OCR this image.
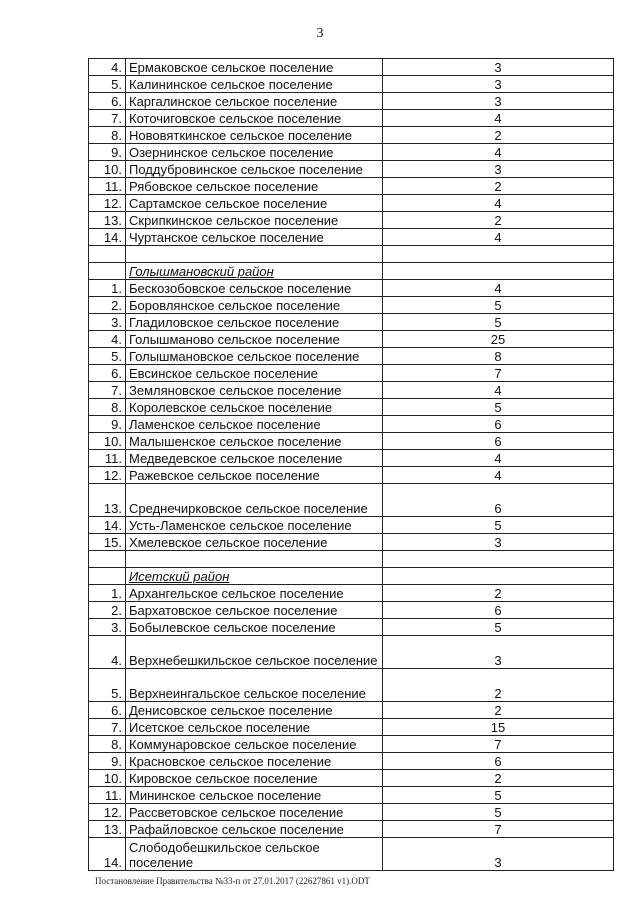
3
4.	Ермаковское сельское поселение	3
5.	Калининское сельское поселение	3
6.	Каргалинское сельское поселение	3
7.	Коточиговское сельское поселение	4
8.	Нововяткинское сельское поселение	2
9.	Озернинское сельское поселение	4
10.	Поддубровинское сельское поселение	3
11.	Рябовское сельское поселение	2
12.	Сартамское сельское поселение	4
13.	Скрипкинское сельское поселение	2
14.	Чуртанское сельское поселение	4

	Голышмановский район	
1.	Бескозобовское сельское поселение	4
2.	Боровлянское сельское поселение	5
3.	Гладиловское сельское поселение	5
4.	Голышманово сельское поселение	25
5.	Голышмановское сельское поселение	8
6.	Евсинское сельское поселение	7
7.	Земляновское сельское поселение	4
8.	Королевское сельское поселение	5
9.	Ламенское сельское поселение	6
10.	Малышенское сельское поселение	6
11.	Медведевское сельское поселение	4
12.	Ражевское сельское поселение	4
13.	Среднечирковское сельское поселение	6
14.	Усть-Ламенское сельское поселение	5
15.	Хмелевское сельское поселение	3

	Исетский район	
1.	Архангельское сельское поселение	2
2.	Бархатовское сельское поселение	6
3.	Бобылевское сельское поселение	5
4.	Верхнебешкильское сельское поселение	3
5.	Верхнеингальское сельское поселение	2
6.	Денисовское сельское поселение	2
7.	Исетское сельское поселение	15
8.	Коммунаровское сельское поселение	7
9.	Красновское сельское поселение	6
10.	Кировское сельское поселение	2
11.	Мининское сельское поселение	5
12.	Рассветовское сельское поселение	5
13.	Рафайловское сельское поселение	7
14.	Слободобешкильское сельское поселение	3
Постановление Правительства №33-п от 27.01.2017 (22627861 v1).ODT
